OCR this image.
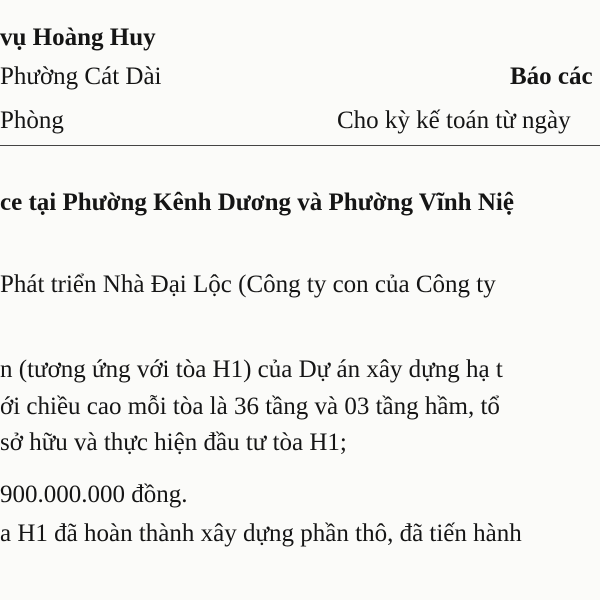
vụ Hoàng Huy
Phường Cát Dài	Báo các
Phòng	Cho kỳ kế toán từ ngày
ce tại Phường Kênh Dương và Phường Vĩnh Niệ
Phát triển Nhà Đại Lộc (Công ty con của Công ty
n (tương ứng với tòa H1) của Dự án xây dựng hạ t
ới chiều cao mỗi tòa là 36 tầng và 03 tầng hầm, tổ
sở hữu và thực hiện đầu tư tòa H1;
900.000.000 đồng.
a H1 đã hoàn thành xây dựng phần thô, đã tiến hành
